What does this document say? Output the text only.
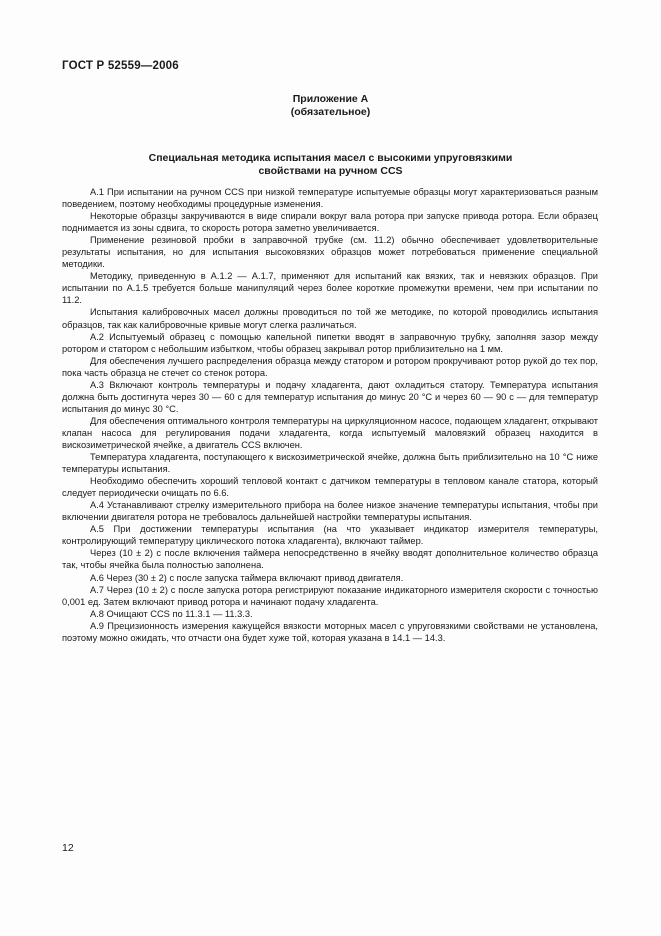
ГОСТ Р 52559—2006
Приложение А
(обязательное)
Специальная методика испытания масел с высокими упруговязкими
свойствами на ручном CCS

А.1 При испытании на ручном CCS при низкой температуре испытуемые образцы могут характеризоваться разным поведением, поэтому необходимы процедурные изменения.

Некоторые образцы закручиваются в виде спирали вокруг вала ротора при запуске привода ротора. Если образец поднимается из зоны сдвига, то скорость ротора заметно увеличивается.

Применение резиновой пробки в заправочной трубке (см. 11.2) обычно обеспечивает удовлетворительные результаты испытания, но для испытания высоковязких образцов может потребоваться применение специальной методики.

Методику, приведенную в А.1.2 — А.1.7, применяют для испытаний как вязких, так и невязких образцов. При испытании по А.1.5 требуется больше манипуляций через более короткие промежутки времени, чем при испытании по 11.2.

Испытания калибровочных масел должны проводиться по той же методике, по которой проводились испытания образцов, так как калибровочные кривые могут слегка различаться.

А.2 Испытуемый образец с помощью капельной пипетки вводят в заправочную трубку, заполняя зазор между ротором и статором с небольшим избытком, чтобы образец закрывал ротор приблизительно на 1 мм.

Для обеспечения лучшего распределения образца между статором и ротором прокручивают ротор рукой до тех пор, пока часть образца не стечет со стенок ротора.

А.3 Включают контроль температуры и подачу хладагента, дают охладиться статору. Температура испытания должна быть достигнута через 30 — 60 с для температур испытания до минус 20 °С и через 60 — 90 с — для температур испытания до минус 30 °С.

Для обеспечения оптимального контроля температуры на циркуляционном насосе, подающем хладагент, открывают клапан насоса для регулирования подачи хладагента, когда испытуемый маловязкий образец находится в вискозиметрической ячейке, а двигатель CCS включен.

Температура хладагента, поступающего к вискозиметрической ячейке, должна быть приблизительно на 10 °С ниже температуры испытания.

Необходимо обеспечить хороший тепловой контакт с датчиком температуры в тепловом канале статора, который следует периодически очищать по 6.6.

А.4 Устанавливают стрелку измерительного прибора на более низкое значение температуры испытания, чтобы при включении двигателя ротора не требовалось дальнейшей настройки температуры испытания.

А.5 При достижении температуры испытания (на что указывает индикатор измерителя температуры, контролирующий температуру циклического потока хладагента), включают таймер.

Через (10 ± 2) с после включения таймера непосредственно в ячейку вводят дополнительное количество образца так, чтобы ячейка была полностью заполнена.

А.6 Через (30 ± 2) с после запуска таймера включают привод двигателя.

А.7 Через (10 ± 2) с после запуска ротора регистрируют показание индикаторного измерителя скорости с точностью 0,001 ед. Затем включают привод ротора и начинают подачу хладагента.

А.8 Очищают CCS по 11.3.1 — 11.3.3.

А.9 Прецизионность измерения кажущейся вязкости моторных масел с упруговязкими свойствами не установлена, поэтому можно ожидать, что отчасти она будет хуже той, которая указана в 14.1 — 14.3.

12
